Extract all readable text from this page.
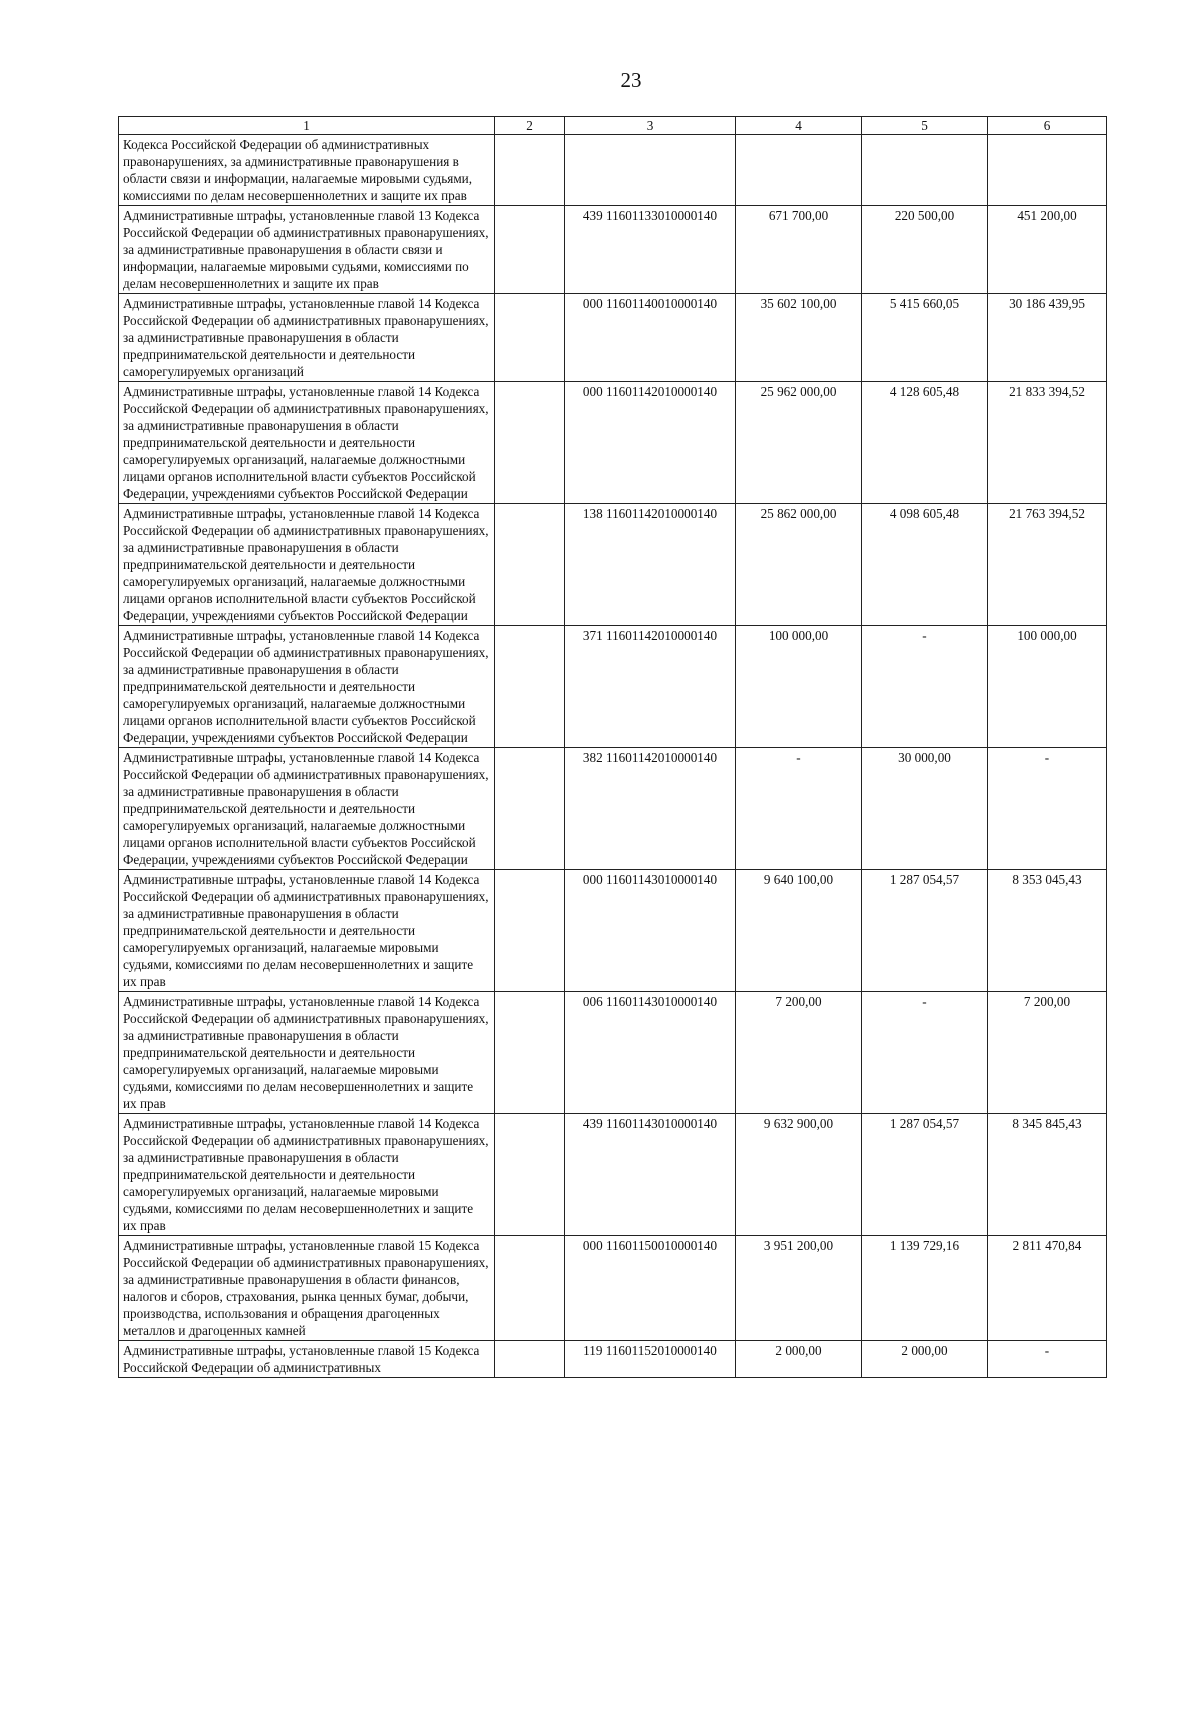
23
1	2	3	4	5	6
Кодекса Российской Федерации об административных правонарушениях, за административные правонарушения в области связи и информации, налагаемые мировыми судьями, комиссиями по делам несовершеннолетних и защите их прав					
Административные штрафы, установленные главой 13 Кодекса Российской Федерации об административных правонарушениях, за административные правонарушения в области связи и информации, налагаемые мировыми судьями, комиссиями по делам несовершеннолетних и защите их прав		439 11601133010000140	671 700,00	220 500,00	451 200,00
Административные штрафы, установленные главой 14 Кодекса Российской Федерации об административных правонарушениях, за административные правонарушения в области предпринимательской деятельности и деятельности саморегулируемых организаций		000 11601140010000140	35 602 100,00	5 415 660,05	30 186 439,95
Административные штрафы, установленные главой 14 Кодекса Российской Федерации об административных правонарушениях, за административные правонарушения в области предпринимательской деятельности и деятельности саморегулируемых организаций, налагаемые должностными лицами органов исполнительной власти субъектов Российской Федерации, учреждениями субъектов Российской Федерации		000 11601142010000140	25 962 000,00	4 128 605,48	21 833 394,52
Административные штрафы, установленные главой 14 Кодекса Российской Федерации об административных правонарушениях, за административные правонарушения в области предпринимательской деятельности и деятельности саморегулируемых организаций, налагаемые должностными лицами органов исполнительной власти субъектов Российской Федерации, учреждениями субъектов Российской Федерации		138 11601142010000140	25 862 000,00	4 098 605,48	21 763 394,52
Административные штрафы, установленные главой 14 Кодекса Российской Федерации об административных правонарушениях, за административные правонарушения в области предпринимательской деятельности и деятельности саморегулируемых организаций, налагаемые должностными лицами органов исполнительной власти субъектов Российской Федерации, учреждениями субъектов Российской Федерации		371 11601142010000140	100 000,00	-	100 000,00
Административные штрафы, установленные главой 14 Кодекса Российской Федерации об административных правонарушениях, за административные правонарушения в области предпринимательской деятельности и деятельности саморегулируемых организаций, налагаемые должностными лицами органов исполнительной власти субъектов Российской Федерации, учреждениями субъектов Российской Федерации		382 11601142010000140	-	30 000,00	-
Административные штрафы, установленные главой 14 Кодекса Российской Федерации об административных правонарушениях, за административные правонарушения в области предпринимательской деятельности и деятельности саморегулируемых организаций, налагаемые мировыми судьями, комиссиями по делам несовершеннолетних и защите их прав		000 11601143010000140	9 640 100,00	1 287 054,57	8 353 045,43
Административные штрафы, установленные главой 14 Кодекса Российской Федерации об административных правонарушениях, за административные правонарушения в области предпринимательской деятельности и деятельности саморегулируемых организаций, налагаемые мировыми судьями, комиссиями по делам несовершеннолетних и защите их прав		006 11601143010000140	7 200,00	-	7 200,00
Административные штрафы, установленные главой 14 Кодекса Российской Федерации об административных правонарушениях, за административные правонарушения в области предпринимательской деятельности и деятельности саморегулируемых организаций, налагаемые мировыми судьями, комиссиями по делам несовершеннолетних и защите их прав		439 11601143010000140	9 632 900,00	1 287 054,57	8 345 845,43
Административные штрафы, установленные главой 15 Кодекса Российской Федерации об административных правонарушениях, за административные правонарушения в области финансов, налогов и сборов, страхования, рынка ценных бумаг, добычи, производства, использования и обращения драгоценных металлов и драгоценных камней		000 11601150010000140	3 951 200,00	1 139 729,16	2 811 470,84
Административные штрафы, установленные главой 15 Кодекса Российской Федерации об административных		119 11601152010000140	2 000,00	2 000,00	-
